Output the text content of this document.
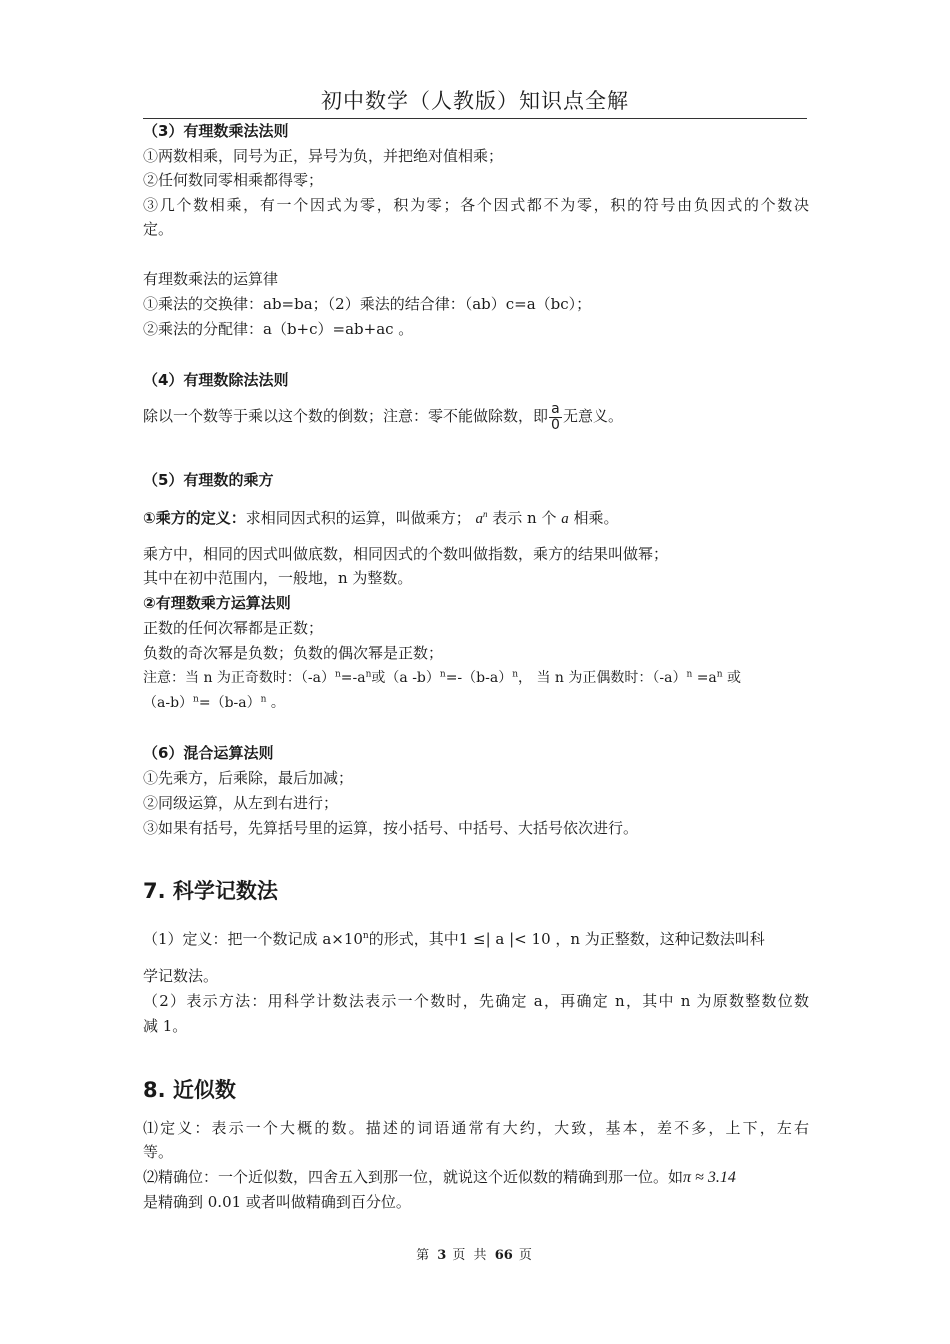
初中数学（人教版）知识点全解
（3）有理数乘法法则
①两数相乘，同号为正，异号为负，并把绝对值相乘；
②任何数同零相乘都得零；
③几个数相乘，有一个因式为零，积为零；各个因式都不为零，积的符号由负因式的个数决
定。
有理数乘法的运算律
①乘法的交换律：ab=ba；（2）乘法的结合律：（ab）c=a（bc）；
②乘法的分配律：a（b+c）=ab+ac 。
（4）有理数除法法则
除以一个数等于乘以这个数的倒数；注意：零不能做除数，即 $\frac{a}{0}$ 无意义。
（5）有理数的乘方
①乘方的定义：求相同因式积的运算，叫做乘方； $a^n$ 表示 n 个 a 相乘。
乘方中，相同的因式叫做底数，相同因式的个数叫做指数，乘方的结果叫做幂；
其中在初中范围内，一般地，n 为整数。
②有理数乘方运算法则
正数的任何次幂都是正数；
负数的奇次幂是负数；负数的偶次幂是正数；
注意：当 n 为正奇数时：$(-a)^n=-a^n$或（a $-b)^n=-(b-a)^n$， 当 n 为正偶数时：$(-a)^n =a^n$ 或
$(a-b)^n=(b-a)^n$ 。
（6）混合运算法则
①先乘方，后乘除，最后加减；
②同级运算，从左到右进行；
③如果有括号，先算括号里的运算，按小括号、中括号、大括号依次进行。
7. 科学记数法
（1）定义：把一个数记成 $a\times 10^n$的形式，其中1 ≤| a |< 10 ，n 为正整数，这种记数法叫科
学记数法。
（2）表示方法：用科学计数法表示一个数时，先确定 a，再确定 n，其中 n 为原数整数位数
减 1。
8. 近似数
⑴定义：表示一个大概的数。描述的词语通常有大约，大致，基本，差不多，上下，左右
等。
⑵精确位：一个近似数，四舍五入到那一位，就说这个近似数的精确到那一位。如π ≈ 3.14
是精确到 0.01 或者叫做精确到百分位。
第 3 页 共 66 页
